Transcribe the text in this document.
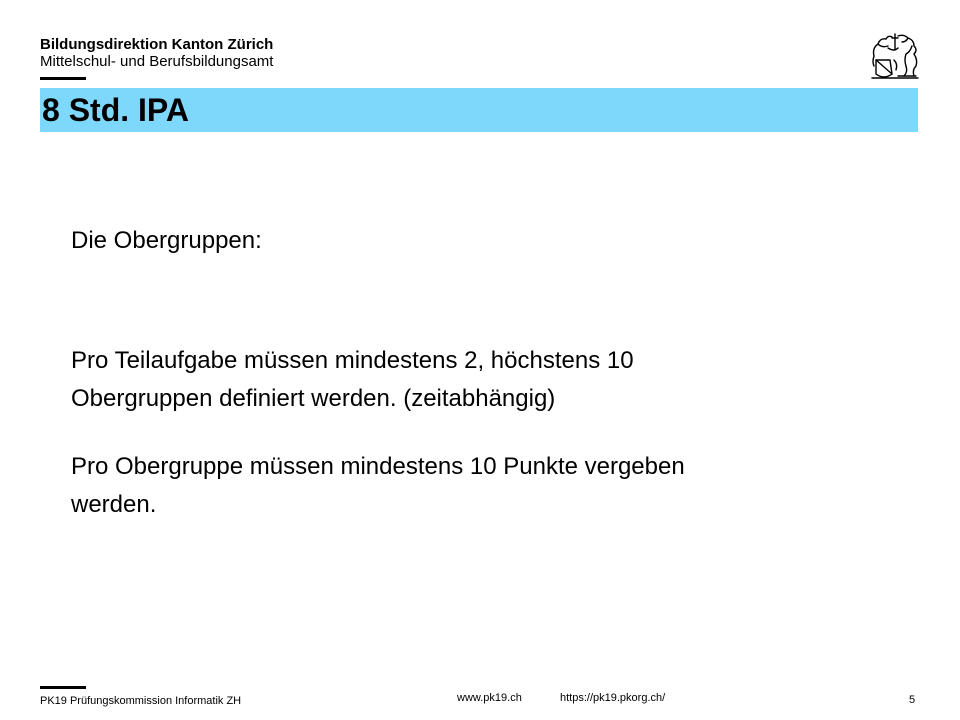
Bildungsdirektion Kanton Zürich
Mittelschul- und Berufsbildungsamt
8 Std. IPA
Die Obergruppen:
Pro Teilaufgabe müssen mindestens 2, höchstens 10
Obergruppen definiert werden. (zeitabhängig)
Pro Obergruppe müssen mindestens 10 Punkte vergeben
werden.
PK19 Prüfungskommission Informatik ZH	www.pk19.ch	https://pk19.pkorg.ch/	5
